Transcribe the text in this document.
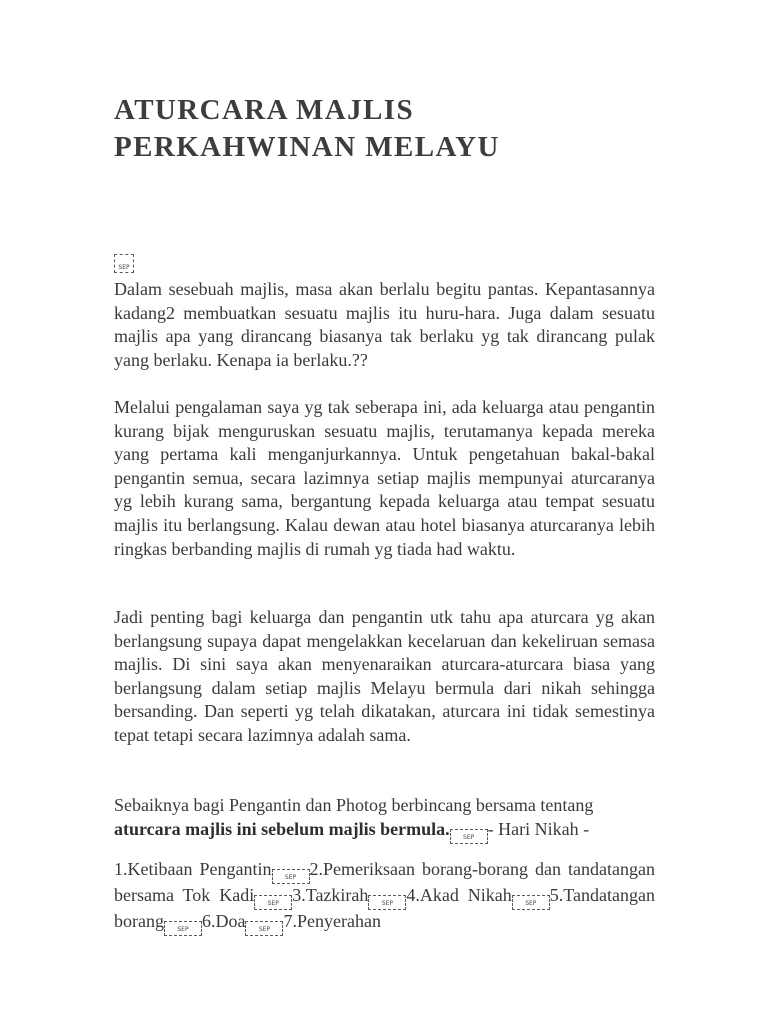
ATURCARA MAJLIS PERKAHWINAN MELAYU
SEP

Dalam sesebuah majlis, masa akan berlalu begitu pantas. Kepantasannya kadang2 membuatkan sesuatu majlis itu huru-hara. Juga dalam sesuatu majlis apa yang dirancang biasanya tak berlaku yg tak dirancang pulak yang berlaku. Kenapa ia berlaku.??

Melalui pengalaman saya yg tak seberapa ini, ada keluarga atau pengantin kurang bijak menguruskan sesuatu majlis, terutamanya kepada mereka yang pertama kali menganjurkannya. Untuk pengetahuan bakal-bakal pengantin semua, secara lazimnya setiap majlis mempunyai aturcaranya yg lebih kurang sama, bergantung kepada keluarga atau tempat sesuatu majlis itu berlangsung. Kalau dewan atau hotel biasanya aturcaranya lebih ringkas berbanding majlis di rumah yg tiada had waktu.

Jadi penting bagi keluarga dan pengantin utk tahu apa aturcara yg akan berlangsung supaya dapat mengelakkan kecelaruan dan kekeliruan semasa majlis. Di sini saya akan menyenaraikan aturcara-aturcara biasa yang berlangsung dalam setiap majlis Melayu bermula dari nikah sehingga bersanding. Dan seperti yg telah dikatakan, aturcara ini tidak semestinya tepat tetapi secara lazimnya adalah sama.

Sebaiknya bagi Pengantin dan Photog berbincang bersama tentang
aturcara majlis ini sebelum majlis bermula. SEP - Hari Nikah -

1.Ketibaan Pengantin SEP 2.Pemeriksaan borang-borang dan tandatangan bersama Tok Kadi SEP 3.Tazkirah SEP 4.Akad Nikah SEP 5.Tandatangan borang SEP 6.Doa SEP 7.Penyerahan
